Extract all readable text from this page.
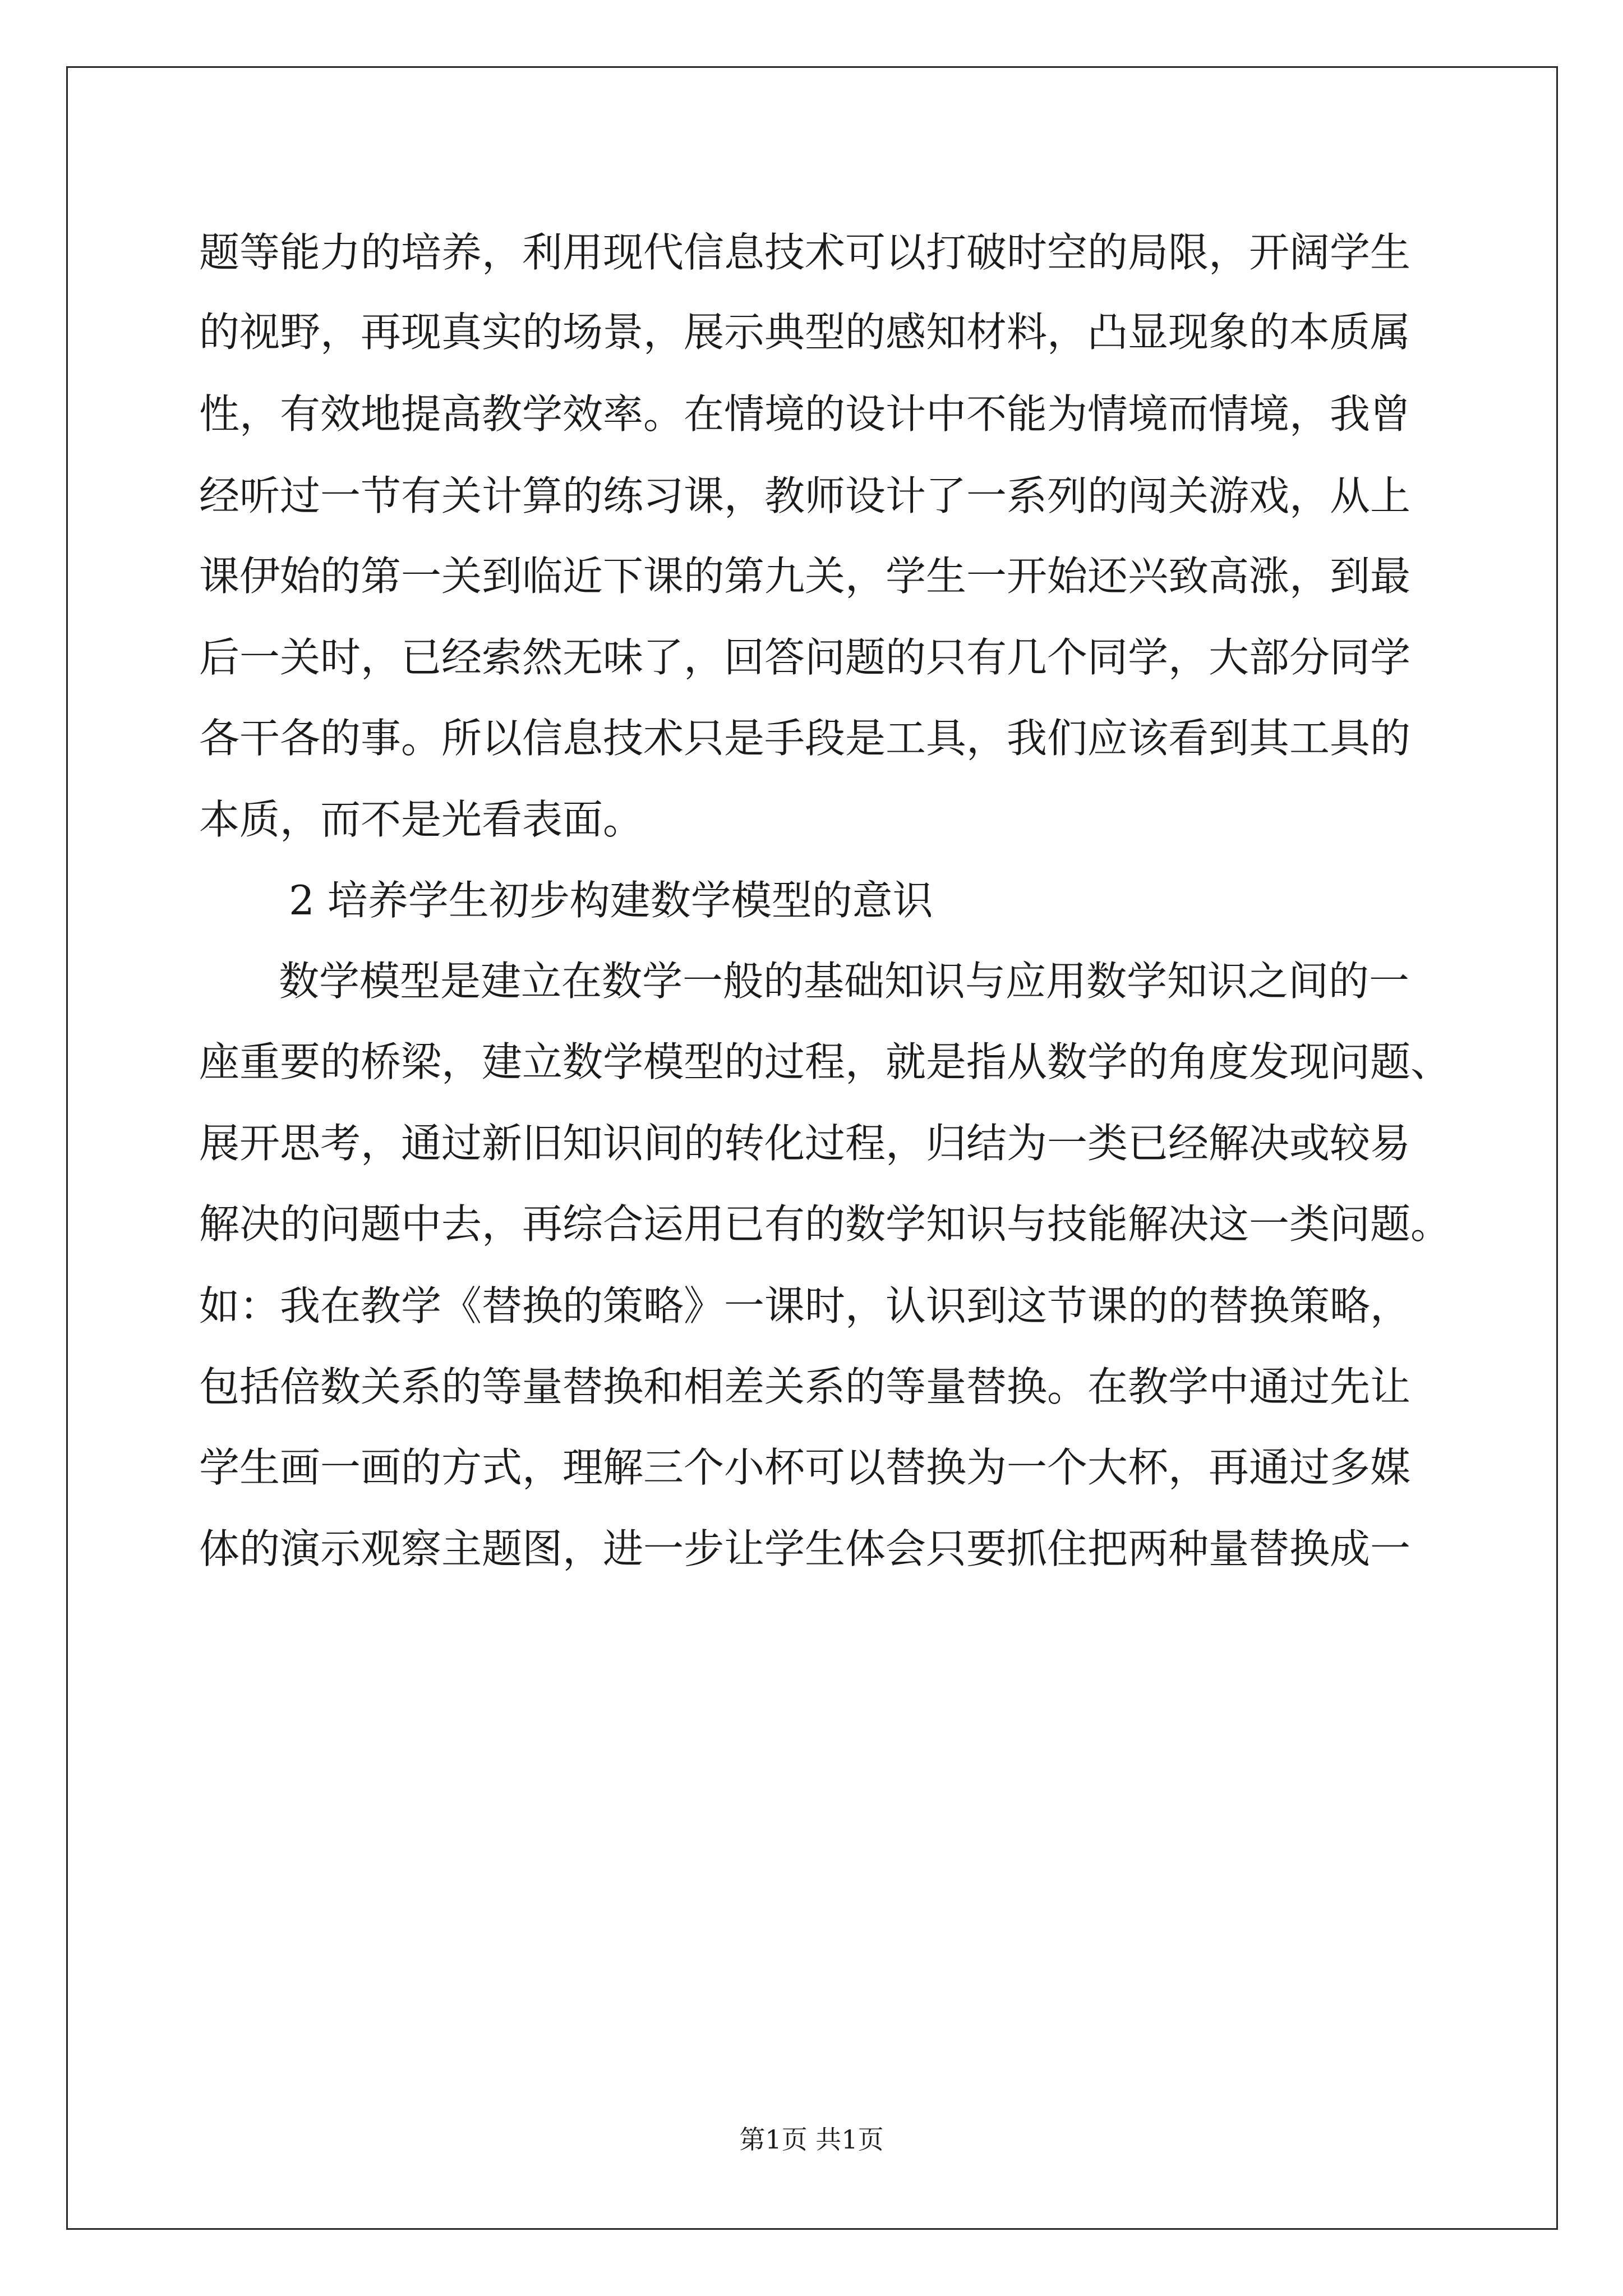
题等能力的培养，利用现代信息技术可以打破时空的局限，开阔学生
的视野，再现真实的场景，展示典型的感知材料，凸显现象的本质属
性，有效地提高教学效率。在情境的设计中不能为情境而情境，我曾
经听过一节有关计算的练习课，教师设计了一系列的闯关游戏，从上
课伊始的第一关到临近下课的第九关，学生一开始还兴致高涨，到最
后一关时，已经索然无味了，回答问题的只有几个同学，大部分同学
各干各的事。所以信息技术只是手段是工具，我们应该看到其工具的
本质，而不是光看表面。
2 培养学生初步构建数学模型的意识
数学模型是建立在数学一般的基础知识与应用数学知识之间的一
座重要的桥梁，建立数学模型的过程，就是指从数学的角度发现问题、
展开思考，通过新旧知识间的转化过程，归结为一类已经解决或较易
解决的问题中去，再综合运用已有的数学知识与技能解决这一类问题。
如：我在教学《替换的策略》一课时，认识到这节课的的替换策略，
包括倍数关系的等量替换和相差关系的等量替换。在教学中通过先让
学生画一画的方式，理解三个小杯可以替换为一个大杯，再通过多媒
体的演示观察主题图，进一步让学生体会只要抓住把两种量替换成一
第1页 共1页
